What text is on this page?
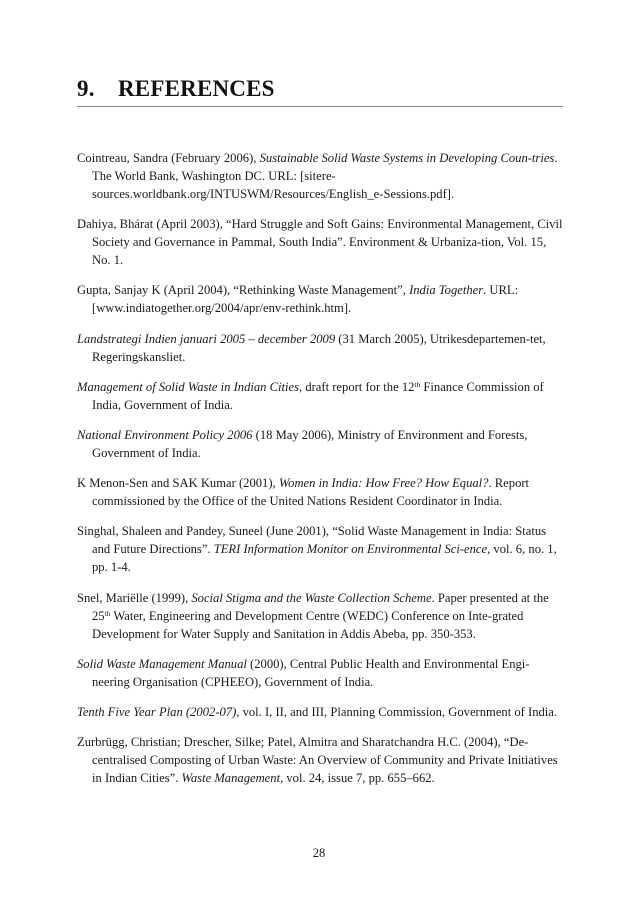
9. REFERENCES

Cointreau, Sandra (February 2006), Sustainable Solid Waste Systems in Developing Coun-tries. The World Bank, Washington DC. URL: [sitere-sources.worldbank.org/INTUSWM/Resources/English_e-Sessions.pdf].

Dahiya, Bhárat (April 2003), “Hard Struggle and Soft Gains: Environmental Management, Civil Society and Governance in Pammal, South India”. Environment & Urbaniza-tion, Vol. 15, No. 1.

Gupta, Sanjay K (April 2004), “Rethinking Waste Management”, India Together. URL: [www.indiatogether.org/2004/apr/env-rethink.htm].

Landstrategi Indien januari 2005 – december 2009 (31 March 2005), Utrikesdepartemen-tet, Regeringskansliet.

Management of Solid Waste in Indian Cities, draft report for the 12th Finance Commission of India, Government of India.

National Environment Policy 2006 (18 May 2006), Ministry of Environment and Forests, Government of India.

K Menon-Sen and SAK Kumar (2001), Women in India: How Free? How Equal?. Report commissioned by the Office of the United Nations Resident Coordinator in India.

Singhal, Shaleen and Pandey, Suneel (June 2001), “Solid Waste Management in India: Status and Future Directions”. TERI Information Monitor on Environmental Sci-ence, vol. 6, no. 1, pp. 1-4.

Snel, Mariëlle (1999), Social Stigma and the Waste Collection Scheme. Paper presented at the 25th Water, Engineering and Development Centre (WEDC) Conference on Inte-grated Development for Water Supply and Sanitation in Addis Abeba, pp. 350-353.

Solid Waste Management Manual (2000), Central Public Health and Environmental Engi-neering Organisation (CPHEEO), Government of India.

Tenth Five Year Plan (2002-07), vol. I, II, and III, Planning Commission, Government of India.

Zurbrügg, Christian; Drescher, Silke; Patel, Almitra and Sharatchandra H.C. (2004), “De-centralised Composting of Urban Waste: An Overview of Community and Private Initiatives in Indian Cities”. Waste Management, vol. 24, issue 7, pp. 655–662.

28
